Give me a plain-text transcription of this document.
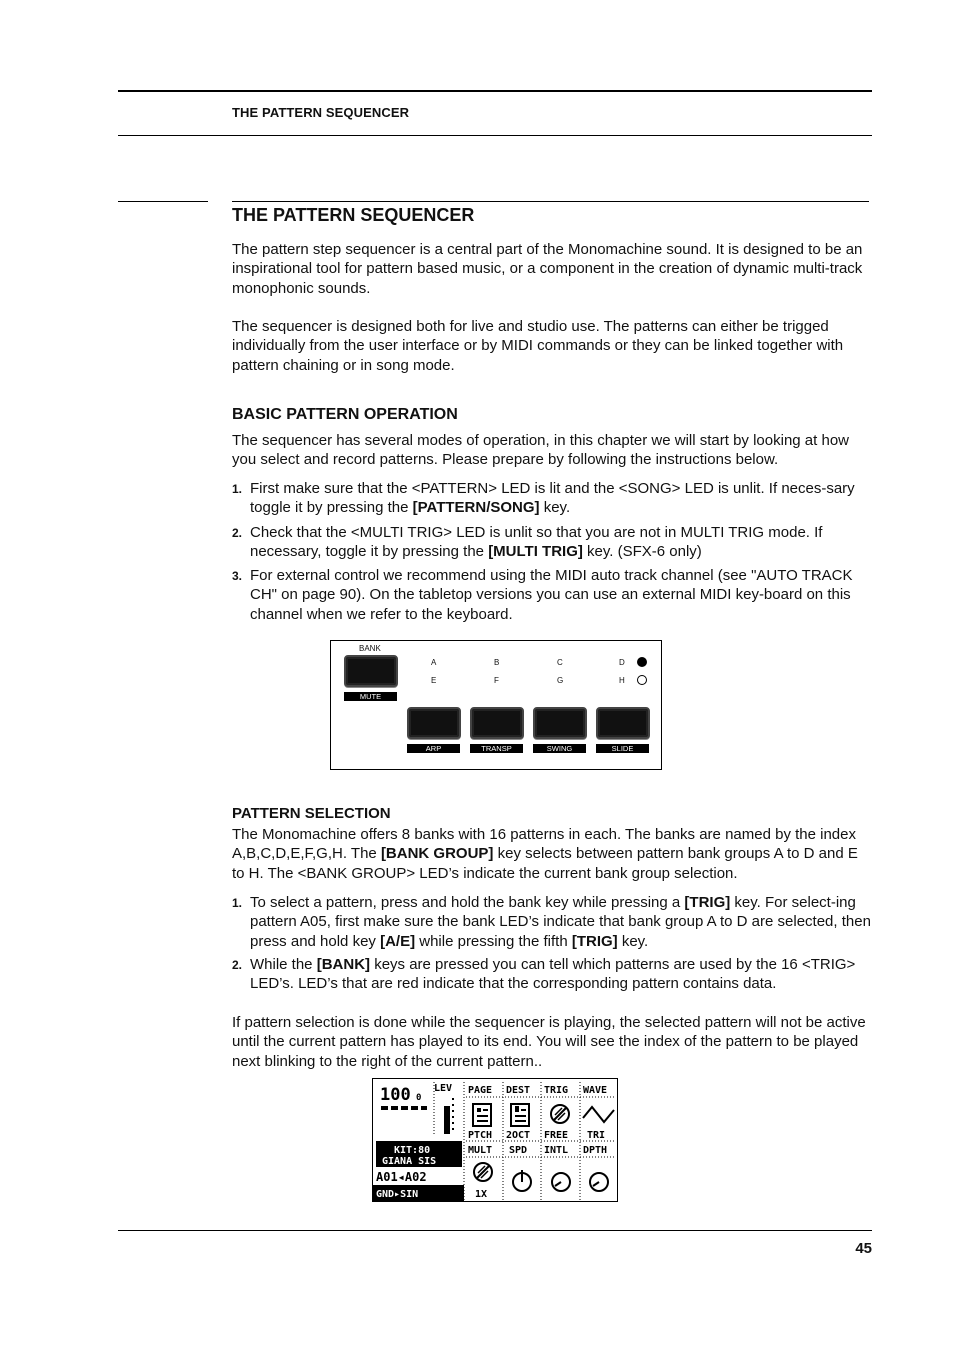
THE PATTERN SEQUENCER
THE PATTERN SEQUENCER
The pattern step sequencer is a central part of the Monomachine sound. It is designed to be an inspirational tool for pattern based music, or a component in the creation of dynamic multi-track monophonic sounds.
The sequencer is designed both for live and studio use. The patterns can either be trigged individually from the user interface or by MIDI commands or they can be linked together with pattern chaining or in song mode.
BASIC PATTERN OPERATION
The sequencer has several modes of operation, in this chapter we will start by looking at how you select and record patterns. Please prepare by following the instructions below.
1. First make sure that the <PATTERN> LED is lit and the <SONG> LED is unlit. If neces-sary toggle it by pressing the [PATTERN/SONG] key.
2. Check that the <MULTI TRIG> LED is unlit so that you are not in MULTI TRIG mode. If necessary, toggle it by pressing the [MULTI TRIG] key. (SFX-6 only)
3. For external control we recommend using the MIDI auto track channel (see "AUTO TRACK CH" on page 90). On the tabletop versions you can use an external MIDI key-board on this channel when we refer to the keyboard.
BANK
MUTE
A	B	C	D
E	F	G	H
ARP	TRANSP	SWING	SLIDE
PATTERN SELECTION
The Monomachine offers 8 banks with 16 patterns in each. The banks are named by the index A,B,C,D,E,F,G,H. The [BANK GROUP] key selects between pattern bank groups A to D and E to H. The <BANK GROUP> LED’s indicate the current bank group selection.
1. To select a pattern, press and hold the bank key while pressing a [TRIG] key. For select-ing pattern A05, first make sure the bank LED’s indicate that bank group A to D are selected, then press and hold key [A/E] while pressing the fifth [TRIG] key.
2. While the [BANK] keys are pressed you can tell which patterns are used by the 16 <TRIG> LED’s. LED’s that are red indicate that the corresponding pattern contains data.
If pattern selection is done while the sequencer is playing, the selected pattern will not be active until the current pattern has played to its end. You will see the index of the pattern to be played next blinking to the right of the current pattern..
100 0
LEV
KIT:80
GIANA SIS
A01◂A02
GND▸SIN
PAGE DEST TRIG WAVE
PTCH 2OCT FREE TRI
MULT SPD INTL DPTH
1X
45
